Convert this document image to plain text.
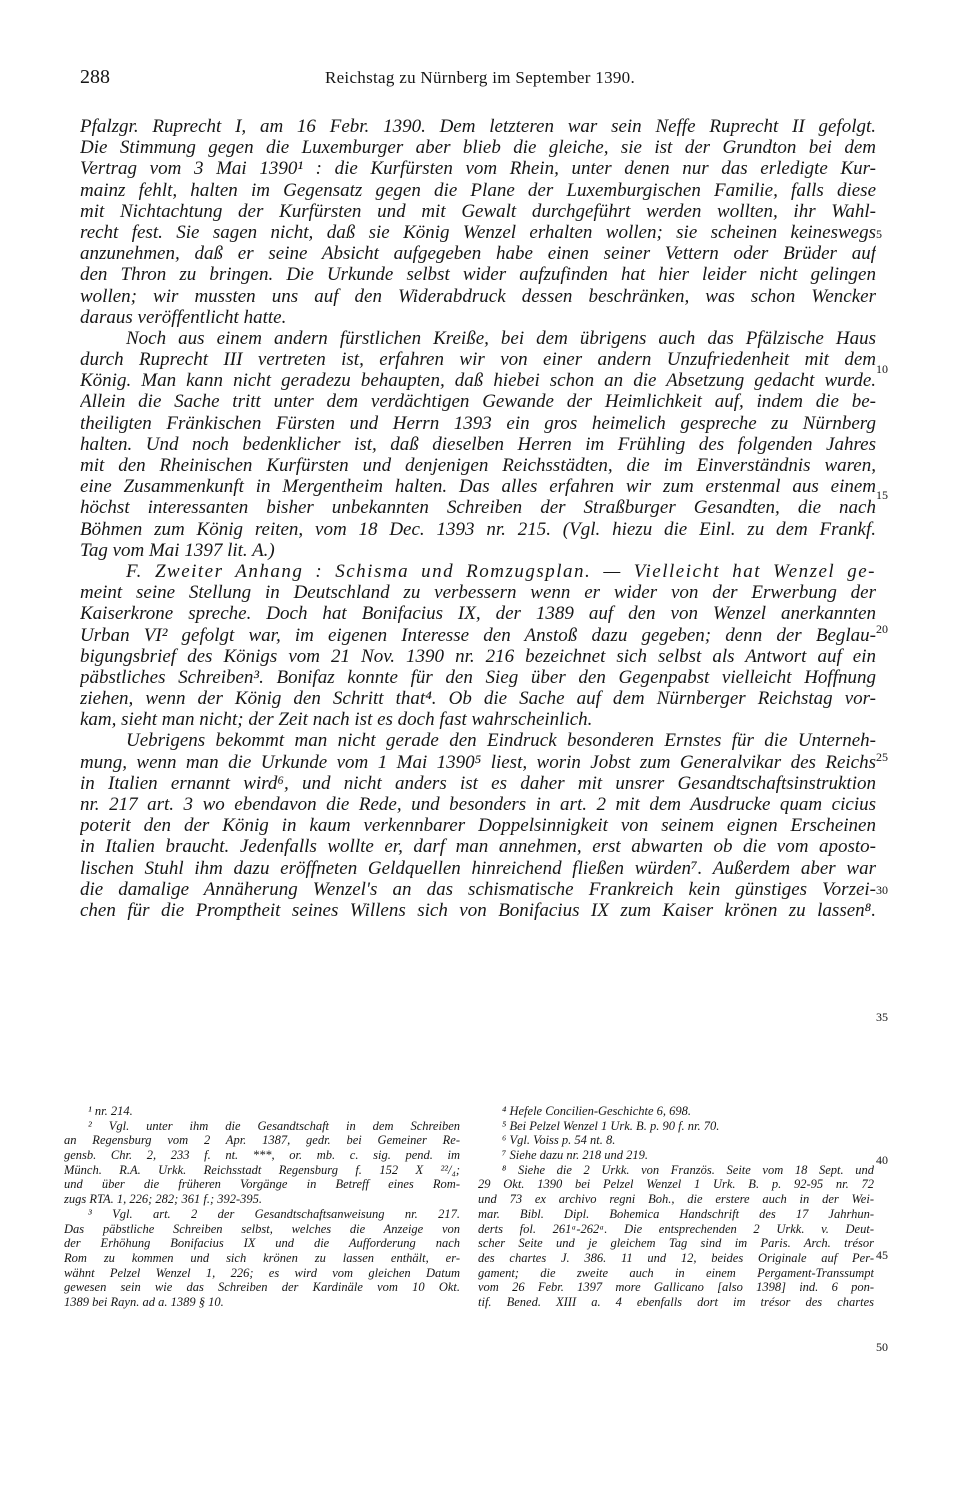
288	Reichstag zu Nürnberg im September 1390.
Pfalzgr. Ruprecht I, am 16 Febr. 1390. Dem letzteren war sein Neffe Ruprecht II gefolgt.
Die Stimmung gegen die Luxemburger aber blieb die gleiche, sie ist der Grundton bei dem
Vertrag vom 3 Mai 1390¹ : die Kurfürsten vom Rhein, unter denen nur das erledigte Kur-
mainz fehlt, halten im Gegensatz gegen die Plane der Luxemburgischen Familie, falls diese
mit Nichtachtung der Kurfürsten und mit Gewalt durchgeführt werden wollten, ihr Wahl-
recht fest. Sie sagen nicht, daß sie König Wenzel erhalten wollen; sie scheinen keineswegs
anzunehmen, daß er seine Absicht aufgegeben habe einen seiner Vettern oder Brüder auf
den Thron zu bringen. Die Urkunde selbst wider aufzufinden hat hier leider nicht gelingen
wollen; wir mussten uns auf den Widerabdruck dessen beschränken, was schon Wencker
daraus veröffentlicht hatte.
Noch aus einem andern fürstlichen Kreiße, bei dem übrigens auch das Pfälzische Haus
durch Ruprecht III vertreten ist, erfahren wir von einer andern Unzufriedenheit mit dem
König. Man kann nicht geradezu behaupten, daß hiebei schon an die Absetzung gedacht wurde.
Allein die Sache tritt unter dem verdächtigen Gewande der Heimlichkeit auf, indem die be-
theiligten Fränkischen Fürsten und Herrn 1393 ein gros heimelich gespreche zu Nürnberg
halten. Und noch bedenklicher ist, daß dieselben Herren im Frühling des folgenden Jahres
mit den Rheinischen Kurfürsten und denjenigen Reichsstädten, die im Einverständnis waren,
eine Zusammenkunft in Mergentheim halten. Das alles erfahren wir zum erstenmal aus einem
höchst interessanten bisher unbekannten Schreiben der Straßburger Gesandten, die nach
Böhmen zum König reiten, vom 18 Dec. 1393 nr. 215. (Vgl. hiezu die Einl. zu dem Frankf.
Tag vom Mai 1397 lit. A.)
F. Zweiter Anhang : Schisma und Romzugsplan. — Vielleicht hat Wenzel ge-
meint seine Stellung in Deutschland zu verbessern wenn er wider von der Erwerbung der
Kaiserkrone spreche. Doch hat Bonifacius IX, der 1389 auf den von Wenzel anerkannten
Urban VI² gefolgt war, im eigenen Interesse den Anstoß dazu gegeben; denn der Beglau-
bigungsbrief des Königs vom 21 Nov. 1390 nr. 216 bezeichnet sich selbst als Antwort auf ein
päbstliches Schreiben³. Bonifaz konnte für den Sieg über den Gegenpabst vielleicht Hoffnung
ziehen, wenn der König den Schritt that⁴. Ob die Sache auf dem Nürnberger Reichstag vor-
kam, sieht man nicht; der Zeit nach ist es doch fast wahrscheinlich.
Uebrigens bekommt man nicht gerade den Eindruck besonderen Ernstes für die Unterneh-
mung, wenn man die Urkunde vom 1 Mai 1390⁵ liest, worin Jobst zum Generalvikar des Reichs
in Italien ernannt wird⁶, und nicht anders ist es daher mit unsrer Gesandtschaftsinstruktion
nr. 217 art. 3 wo ebendavon die Rede, und besonders in art. 2 mit dem Ausdrucke quam cicius
poterit den der König in kaum verkennbarer Doppelsinnigkeit von seinem eignen Erscheinen
in Italien braucht. Jedenfalls wollte er, darf man annehmen, erst abwarten ob die vom aposto-
lischen Stuhl ihm dazu eröffneten Geldquellen hinreichend fließen würden⁷. Außerdem aber war
die damalige Annäherung Wenzel's an das schismatische Frankreich kein günstiges Vorzei-
chen für die Promptheit seines Willens sich von Bonifacius IX zum Kaiser krönen zu lassen⁸.
5
10
15
20
25
30
35
40
45
50
¹ nr. 214.
² Vgl. unter ihm die Gesandtschaft in dem Schreiben
an Regensburg vom 2 Apr. 1387, gedr. bei Gemeiner Re-
gensb. Chr. 2, 233 f. nt. ***, or. mb. c. sig. pend. im
Münch. R.A. Urkk. Reichsstadt Regensburg f. 152 X ²²/₄;
und über die früheren Vorgänge in Betreff eines Rom-
zugs RTA. 1, 226; 282; 361 f.; 392-395.
³ Vgl. art. 2 der Gesandtschaftsanweisung nr. 217.
Das päbstliche Schreiben selbst, welches die Anzeige von
der Erhöhung Bonifacius IX und die Aufforderung nach
Rom zu kommen und sich krönen zu lassen enthält, er-
wähnt Pelzel Wenzel 1, 226; es wird vom gleichen Datum
gewesen sein wie das Schreiben der Kardinäle vom 10 Okt.
1389 bei Rayn. ad a. 1389 § 10.
⁴ Hefele Concilien-Geschichte 6, 698.
⁵ Bei Pelzel Wenzel 1 Urk. B. p. 90 f. nr. 70.
⁶ Vgl. Voiss p. 54 nt. 8.
⁷ Siehe dazu nr. 218 und 219.
⁸ Siehe die 2 Urkk. von Französ. Seite vom 18 Sept. und
29 Okt. 1390 bei Pelzel Wenzel 1 Urk. B. p. 92-95 nr. 72
und 73 ex archivo regni Boh., die erstere auch in der Wei-
mar. Bibl. Dipl. Bohemica Handschrift des 17 Jahrhun-
derts fol. 261ᵃ-262ᵃ. Die entsprechenden 2 Urkk. v. Deut-
scher Seite und je gleichem Tag sind im Paris. Arch. trésor
des chartes J. 386. 11 und 12, beides Originale auf Per-
gament; die zweite auch in einem Pergament-Transsumpt
vom 26 Febr. 1397 more Gallicano [also 1398] ind. 6 pon-
tif. Bened. XIII a. 4 ebenfalls dort im trésor des chartes
